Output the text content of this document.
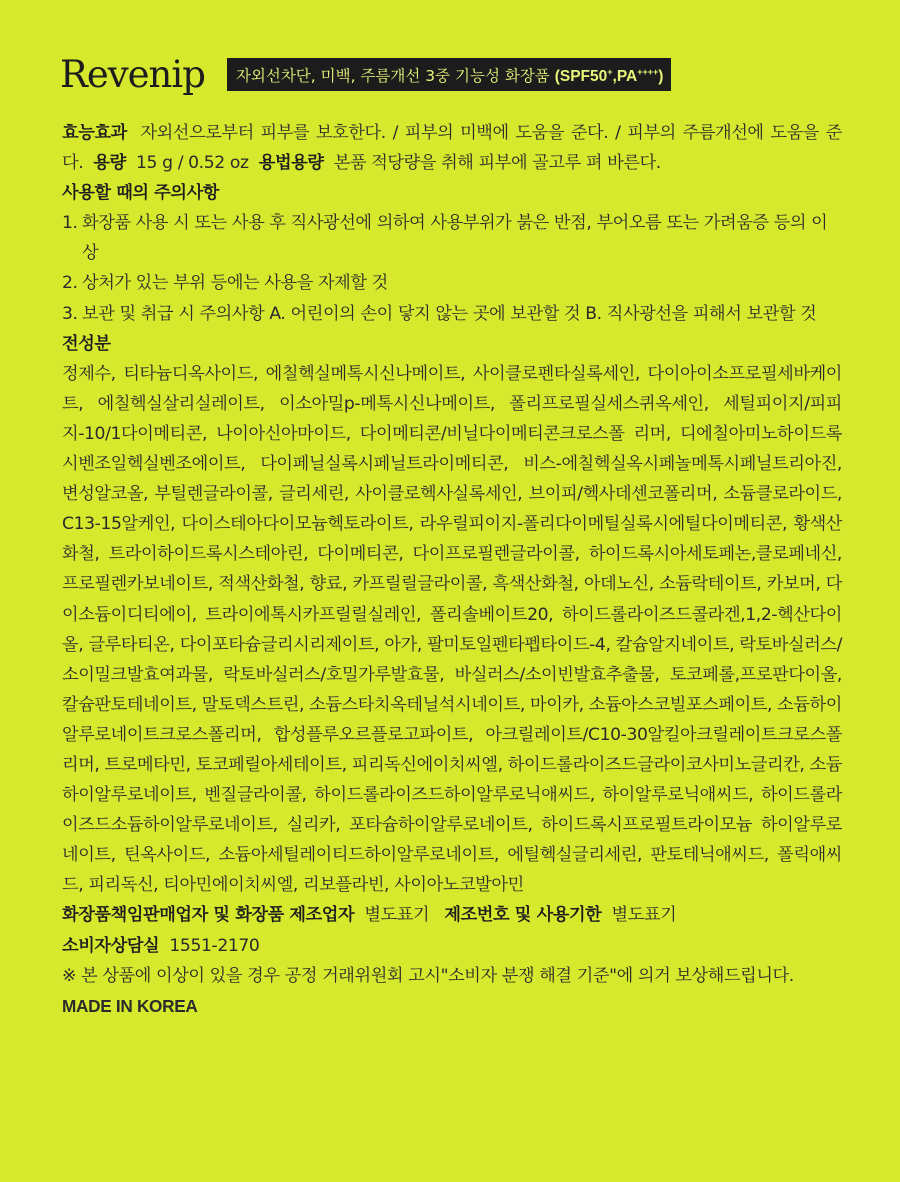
Revenip	자외선차단, 미백, 주름개선 3중 기능성 화장품 (SPF50+,PA++++)

효능효과 자외선으로부터 피부를 보호한다. / 피부의 미백에 도움을 준다. / 피부의 주름개선에 도움을 준다. 용량 15 g / 0.52 oz 용법용량 본품 적당량을 취해 피부에 골고루 펴 바른다.

사용할 때의 주의사항

1. 화장품 사용 시 또는 사용 후 직사광선에 의하여 사용부위가 붉은 반점, 부어오름 또는 가려움증 등의 이상
2. 상처가 있는 부위 등에는 사용을 자제할 것
3. 보관 및 취급 시 주의사항 A. 어린이의 손이 닿지 않는 곳에 보관할 것 B. 직사광선을 피해서 보관할 것

전성분

정제수, 티타늄디옥사이드, 에칠헥실메톡시신나메이트, 사이클로펜타실록세인, 다이아이소프로필세바케이트, 에칠헥실살리실레이트, 이소아밀p-메톡시신나메이트, 폴리프로필실세스퀴옥세인, 세틸피이지/피피지-10/1다이메티콘, 나이아신아마이드, 다이메티콘/비닐다이메티콘크로스폴 리머, 디에칠아미노하이드록시벤조일헥실벤조에이트, 다이페닐실록시페닐트라이메티콘, 비스-에칠헥실옥시페놀메톡시페닐트리아진, 변성알코올, 부틸렌글라이콜, 글리세린, 사이클로헥사실록세인, 브이피/헥사데센코폴리머, 소듐클로라이드, C13-15알케인, 다이스테아다이모늄헥토라이트, 라우릴피이지-폴리다이메틸실록시에틸다이메티콘, 황색산화철, 트라이하이드록시스테아린, 다이메티콘, 다이프로필렌글라이콜, 하이드록시아세토페논,클로페네신, 프로필렌카보네이트, 적색산화철, 향료, 카프릴릴글라이콜, 흑색산화철, 아데노신, 소듐락테이트, 카보머, 다이소듐이디티에이, 트라이에톡시카프릴릴실레인, 폴리솔베이트20, 하이드롤라이즈드콜라겐,1,2-헥산다이올, 글루타티온, 다이포타슘글리시리제이트, 아가, 팔미토일펜타펩타이드-4, 칼슘알지네이트, 락토바실러스/소이밀크발효여과물, 락토바실러스/호밀가루발효물, 바실러스/소이빈발효추출물, 토코페롤,프로판다이올, 칼슘판토테네이트, 말토덱스트린, 소듐스타치옥테닐석시네이트, 마이카, 소듐아스코빌포스페이트, 소듐하이알루로네이트크로스폴리머, 합성플루오르플로고파이트, 아크릴레이트/C10-30알킬아크릴레이트크로스폴리머, 트로메타민, 토코페릴아세테이트, 피리독신에이치씨엘, 하이드롤라이즈드글라이코사미노글리칸, 소듐하이알루로네이트, 벤질글라이콜, 하이드롤라이즈드하이알루로닉애씨드, 하이알루로닉애씨드, 하이드롤라이즈드소듐하이알루로네이트, 실리카, 포타슘하이알루로네이트, 하이드록시프로필트라이모늄 하이알루로네이트, 틴옥사이드, 소듐아세틸레이티드하이알루로네이트, 에틸헥실글리세린, 판토테닉애씨드, 폴릭애씨드, 피리독신, 티아민에이치씨엘, 리보플라빈, 사이아노코발아민

화장품책임판매업자 및 화장품 제조업자 별도표기 제조번호 및 사용기한 별도표기

소비자상담실 1551-2170

※ 본 상품에 이상이 있을 경우 공정 거래위원회 고시"소비자 분쟁 해결 기준"에 의거 보상해드립니다.  MADE IN KOREA
